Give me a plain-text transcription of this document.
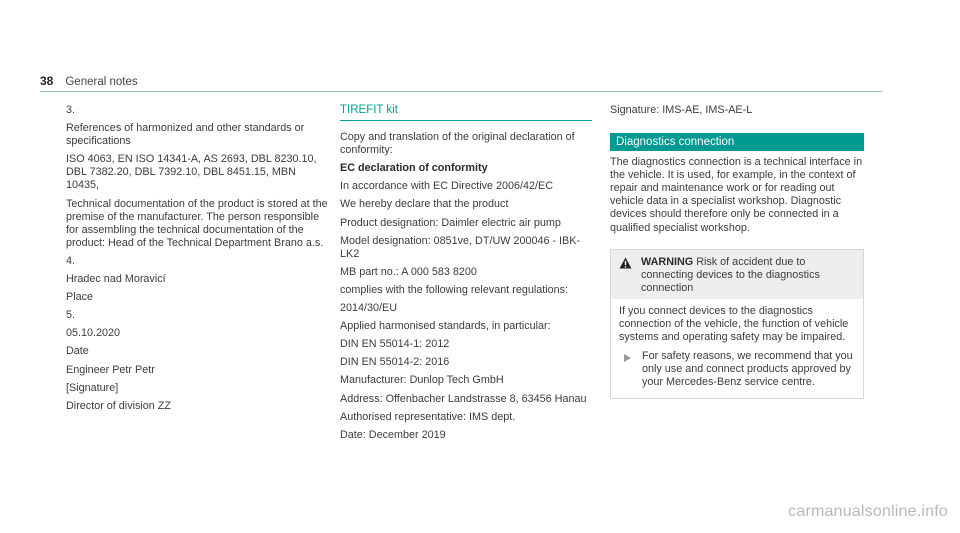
38 General notes

3.

References of harmonized and other standards or specifications

ISO 4063, EN ISO 14341-A, AS 2693, DBL 8230.10, DBL 7382.20, DBL 7392.10, DBL 8451.15, MBN 10435,

Technical documentation of the product is stored at the premise of the manufacturer. The person responsible for assembling the technical documentation of the product: Head of the Technical Department Brano a.s.

4.

Hradec nad Moravicí

Place

5.

05.10.2020

Date

Engineer Petr Petr

[Signature]

Director of division ZZ

TIREFIT kit

Copy and translation of the original declaration of conformity:

EC declaration of conformity

In accordance with EC Directive 2006/42/EC

We hereby declare that the product

Product designation: Daimler electric air pump

Model designation: 0851ve, DT/UW 200046 - IBK-LK2

MB part no.: A 000 583 8200

complies with the following relevant regulations:

2014/30/EU

Applied harmonised standards, in particular:

DIN EN 55014-1: 2012

DIN EN 55014-2: 2016

Manufacturer: Dunlop Tech GmbH

Address: Offenbacher Landstrasse 8, 63456 Hanau

Authorised representative: IMS dept.

Date: December 2019

Signature: IMS-AE, IMS-AE-L

Diagnostics connection

The diagnostics connection is a technical interface in the vehicle. It is used, for example, in the context of repair and maintenance work or for reading out vehicle data in a specialist workshop. Diagnostic devices should therefore only be connected in a qualified specialist workshop.

WARNING Risk of accident due to connecting devices to the diagnostics connection

If you connect devices to the diagnostics connection of the vehicle, the function of vehicle systems and operating safety may be impaired.

For safety reasons, we recommend that you only use and connect products approved by your Mercedes-Benz service centre.
carmanualsonline.info
